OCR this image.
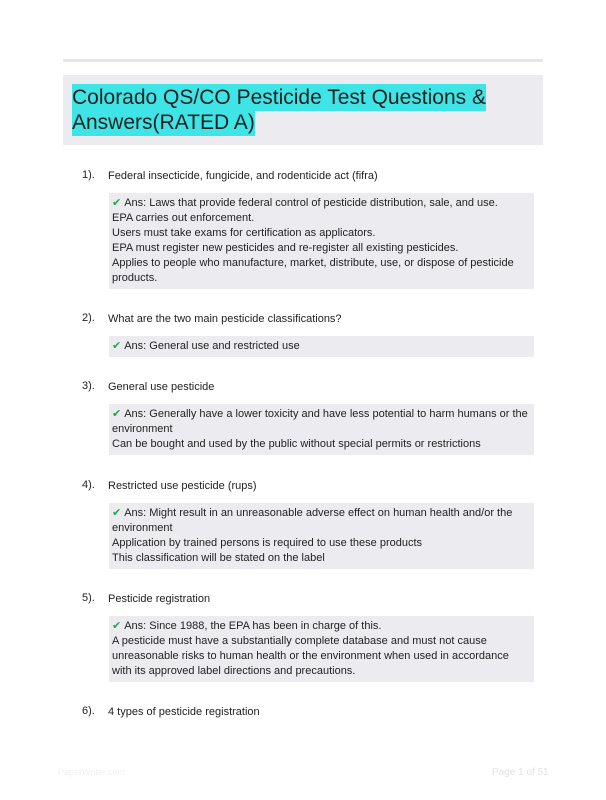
Colorado QS/CO Pesticide Test Questions & Answers(RATED A)
1). Federal insecticide, fungicide, and rodenticide act (fifra)
✔ Ans: Laws that provide federal control of pesticide distribution, sale, and use.
EPA carries out enforcement.
Users must take exams for certification as applicators.
EPA must register new pesticides and re-register all existing pesticides.
Applies to people who manufacture, market, distribute, use, or dispose of pesticide products.
2). What are the two main pesticide classifications?
✔ Ans: General use and restricted use
3). General use pesticide
✔ Ans: Generally have a lower toxicity and have less potential to harm humans or the environment
Can be bought and used by the public without special permits or restrictions
4). Restricted use pesticide (rups)
✔ Ans: Might result in an unreasonable adverse effect on human health and/or the environment
Application by trained persons is required to use these products
This classification will be stated on the label
5). Pesticide registration
✔ Ans: Since 1988, the EPA has been in charge of this.
A pesticide must have a substantially complete database and must not cause unreasonable risks to human health or the environment when used in accordance with its approved label directions and precautions.
6). 4 types of pesticide registration
PaperWriter.com	Page 1 of 51
